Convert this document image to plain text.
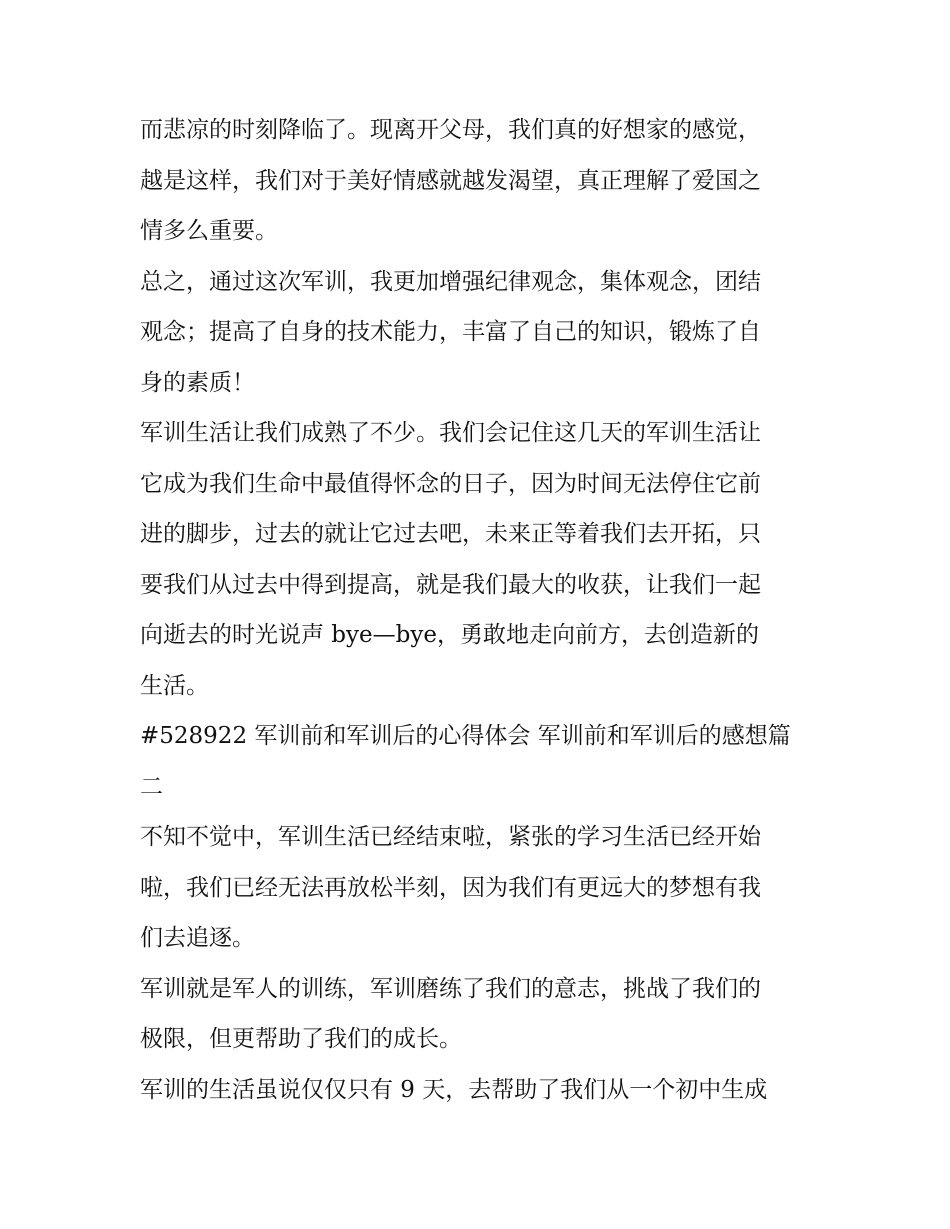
而悲凉的时刻降临了。现离开父母，我们真的好想家的感觉，
越是这样，我们对于美好情感就越发渴望，真正理解了爱国之
情多么重要。

总之，通过这次军训，我更加增强纪律观念，集体观念，团结
观念；提高了自身的技术能力，丰富了自己的知识，锻炼了自
身的素质！

军训生活让我们成熟了不少。我们会记住这几天的军训生活让
它成为我们生命中最值得怀念的日子，因为时间无法停住它前
进的脚步，过去的就让它过去吧，未来正等着我们去开拓，只
要我们从过去中得到提高，就是我们最大的收获，让我们一起
向逝去的时光说声 bye—bye，勇敢地走向前方，去创造新的
生活。

#528922 军训前和军训后的心得体会 军训前和军训后的感想篇
二

不知不觉中，军训生活已经结束啦，紧张的学习生活已经开始
啦，我们已经无法再放松半刻，因为我们有更远大的梦想有我
们去追逐。

军训就是军人的训练，军训磨练了我们的意志，挑战了我们的
极限，但更帮助了我们的成长。

军训的生活虽说仅仅只有 9 天，去帮助了我们从一个初中生成
